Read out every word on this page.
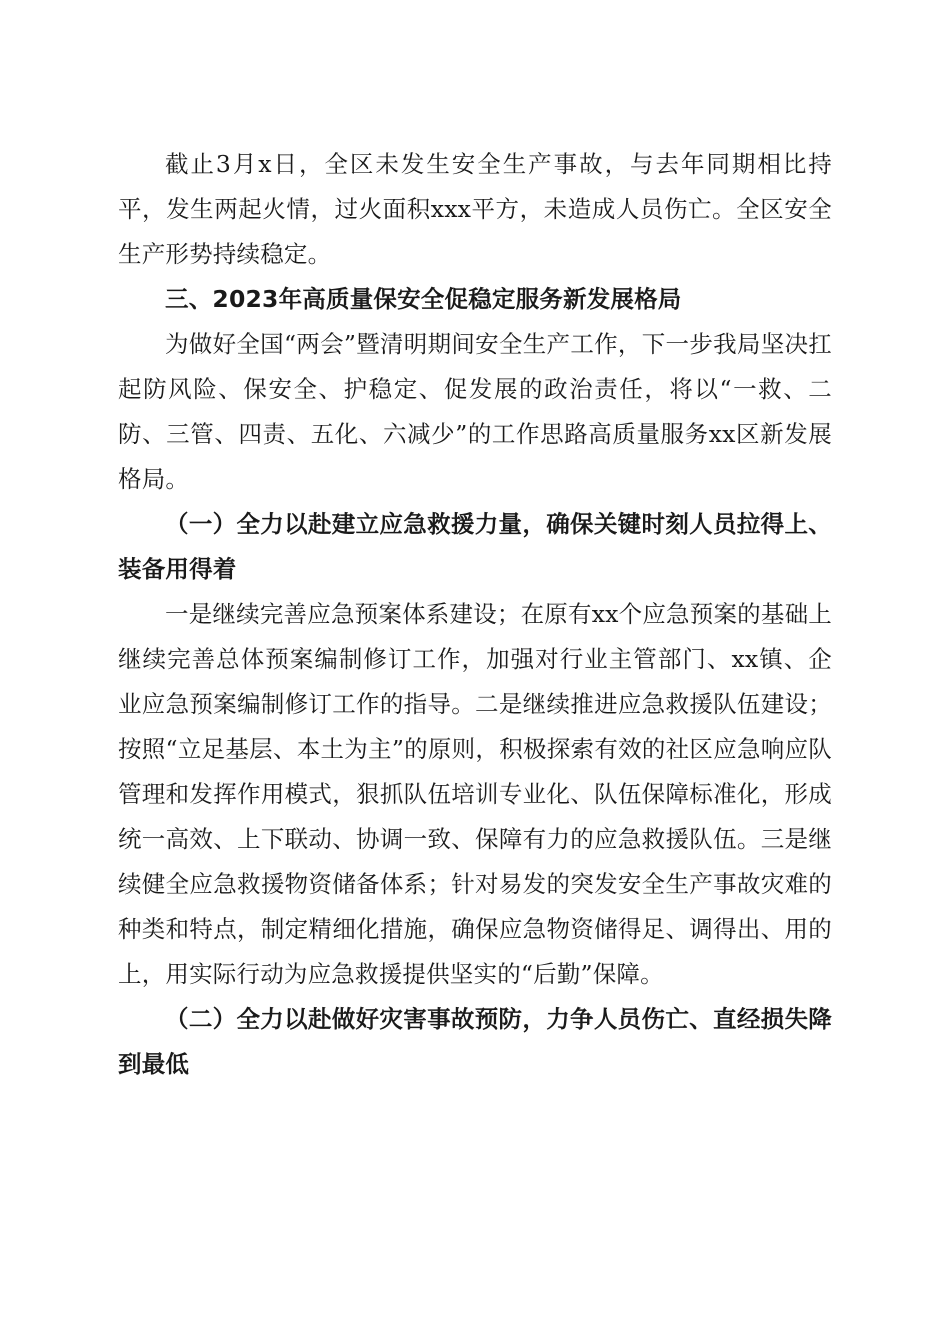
截止3月x日，全区未发生安全生产事故，与去年同期相比持平，发生两起火情，过火面积xxx平方，未造成人员伤亡。全区安全生产形势持续稳定。

三、2023年高质量保安全促稳定服务新发展格局

为做好全国“两会”暨清明期间安全生产工作，下一步我局坚决扛起防风险、保安全、护稳定、促发展的政治责任，将以“一救、二防、三管、四责、五化、六减少”的工作思路高质量服务xx区新发展格局。

（一）全力以赴建立应急救援力量，确保关键时刻人员拉得上、装备用得着

一是继续完善应急预案体系建设；在原有xx个应急预案的基础上继续完善总体预案编制修订工作，加强对行业主管部门、xx镇、企业应急预案编制修订工作的指导。二是继续推进应急救援队伍建设；按照“立足基层、本土为主”的原则，积极探索有效的社区应急响应队管理和发挥作用模式，狠抓队伍培训专业化、队伍保障标准化，形成统一高效、上下联动、协调一致、保障有力的应急救援队伍。三是继续健全应急救援物资储备体系；针对易发的突发安全生产事故灾难的种类和特点，制定精细化措施，确保应急物资储得足、调得出、用的上，用实际行动为应急救援提供坚实的“后勤”保障。

（二）全力以赴做好灾害事故预防，力争人员伤亡、直经损失降到最低
